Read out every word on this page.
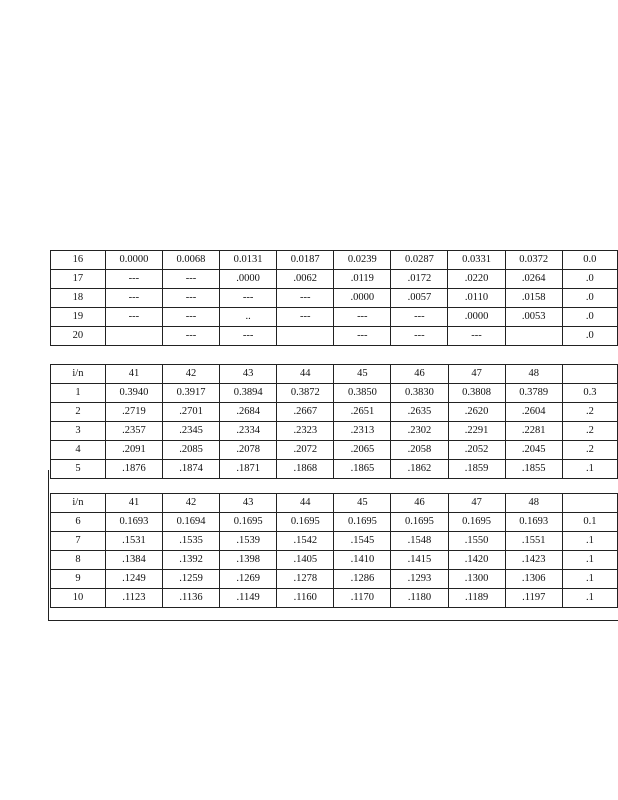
16	0.0000	0.0068	0.0131	0.0187	0.0239	0.0287	0.0331	0.0372	0.0
17	---	---	.0000	.0062	.0119	.0172	.0220	.0264	.0
18	---	---	---	---	.0000	.0057	.0110	.0158	.0
19	---	---	..	---	---	---	.0000	.0053	.0
20		---	---		---	---	---		.0
i/n	41	42	43	44	45	46	47	48	
1	0.3940	0.3917	0.3894	0.3872	0.3850	0.3830	0.3808	0.3789	0.3
2	.2719	.2701	.2684	.2667	.2651	.2635	.2620	.2604	.2
3	.2357	.2345	.2334	.2323	.2313	.2302	.2291	.2281	.2
4	.2091	.2085	.2078	.2072	.2065	.2058	.2052	.2045	.2
5	.1876	.1874	.1871	.1868	.1865	.1862	.1859	.1855	.1
i/n	41	42	43	44	45	46	47	48	
6	0.1693	0.1694	0.1695	0.1695	0.1695	0.1695	0.1695	0.1693	0.1
7	.1531	.1535	.1539	.1542	.1545	.1548	.1550	.1551	.1
8	.1384	.1392	.1398	.1405	.1410	.1415	.1420	.1423	.1
9	.1249	.1259	.1269	.1278	.1286	.1293	.1300	.1306	.1
10	.1123	.1136	.1149	.1160	.1170	.1180	.1189	.1197	.1
